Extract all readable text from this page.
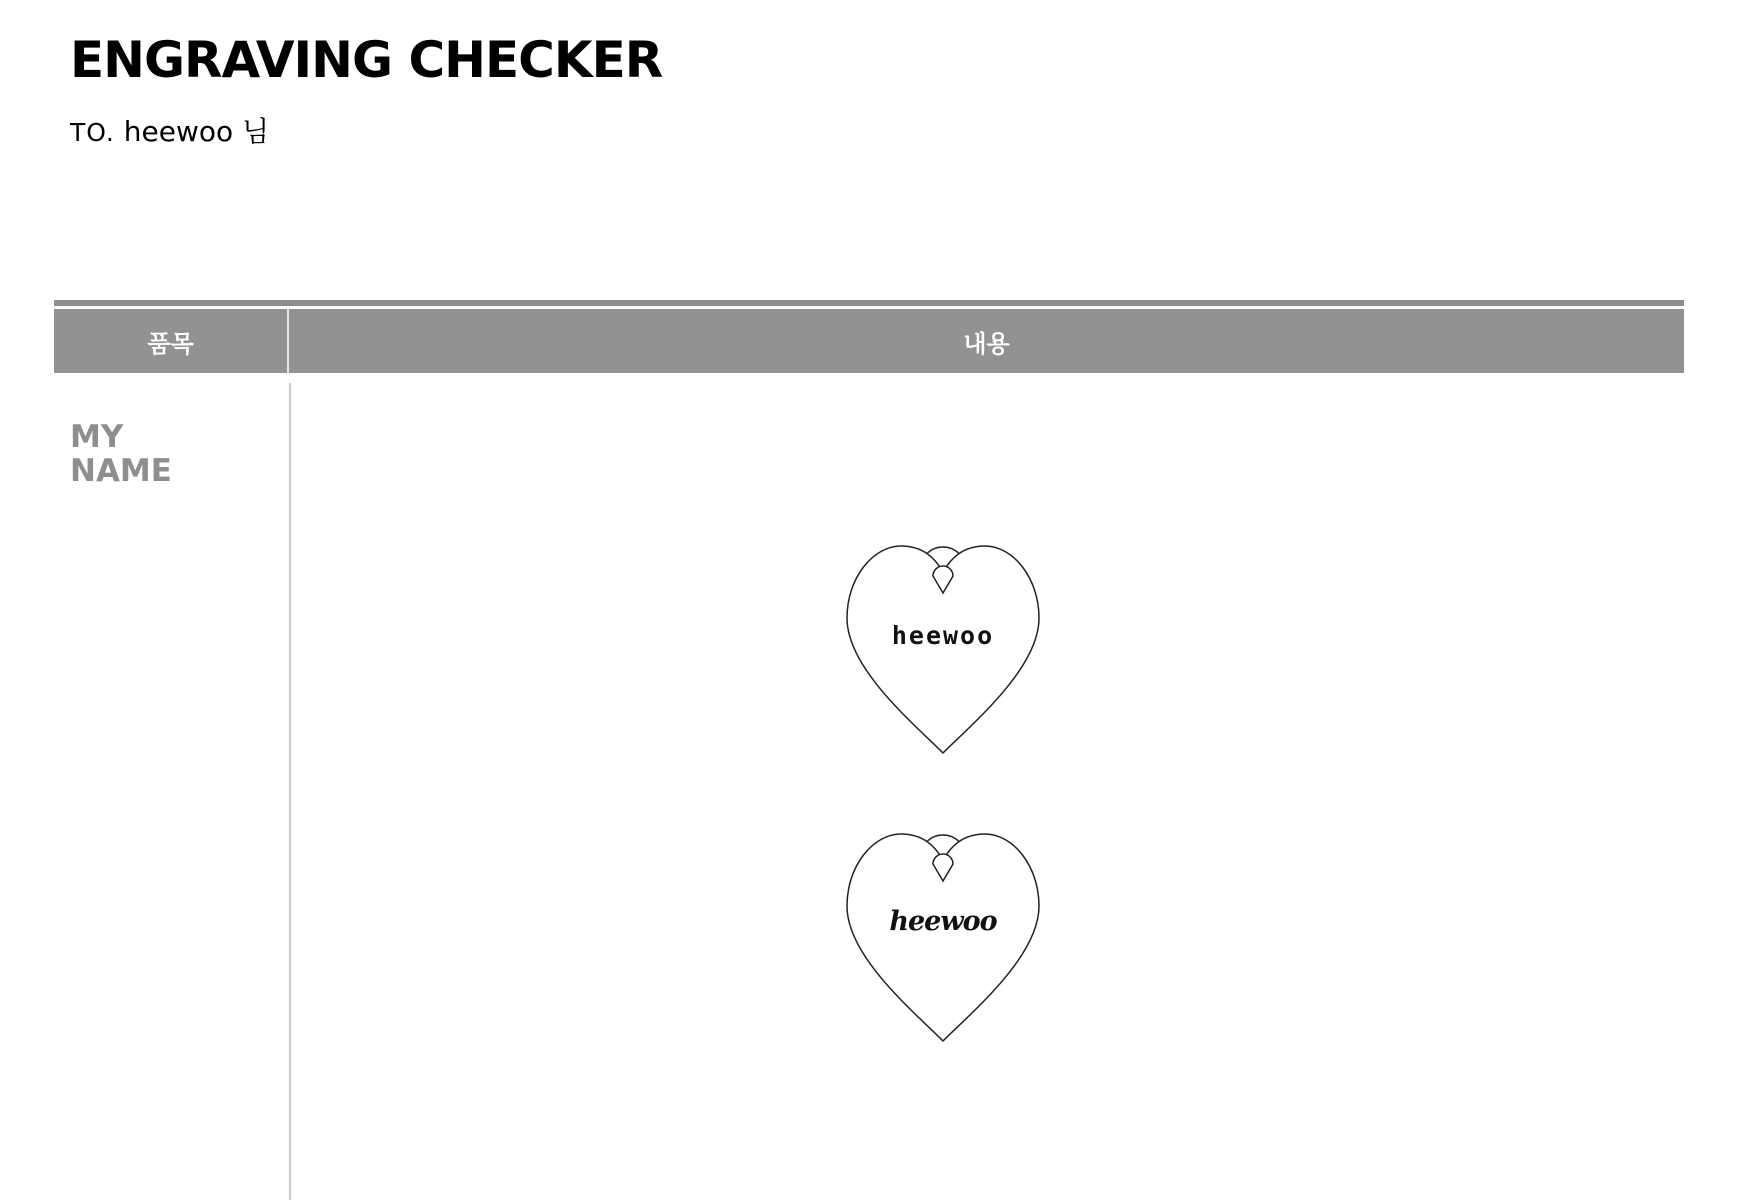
ENGRAVING CHECKER
TO. heewoo 님
품목	내용
MY
NAME
heewoo
heewoo
